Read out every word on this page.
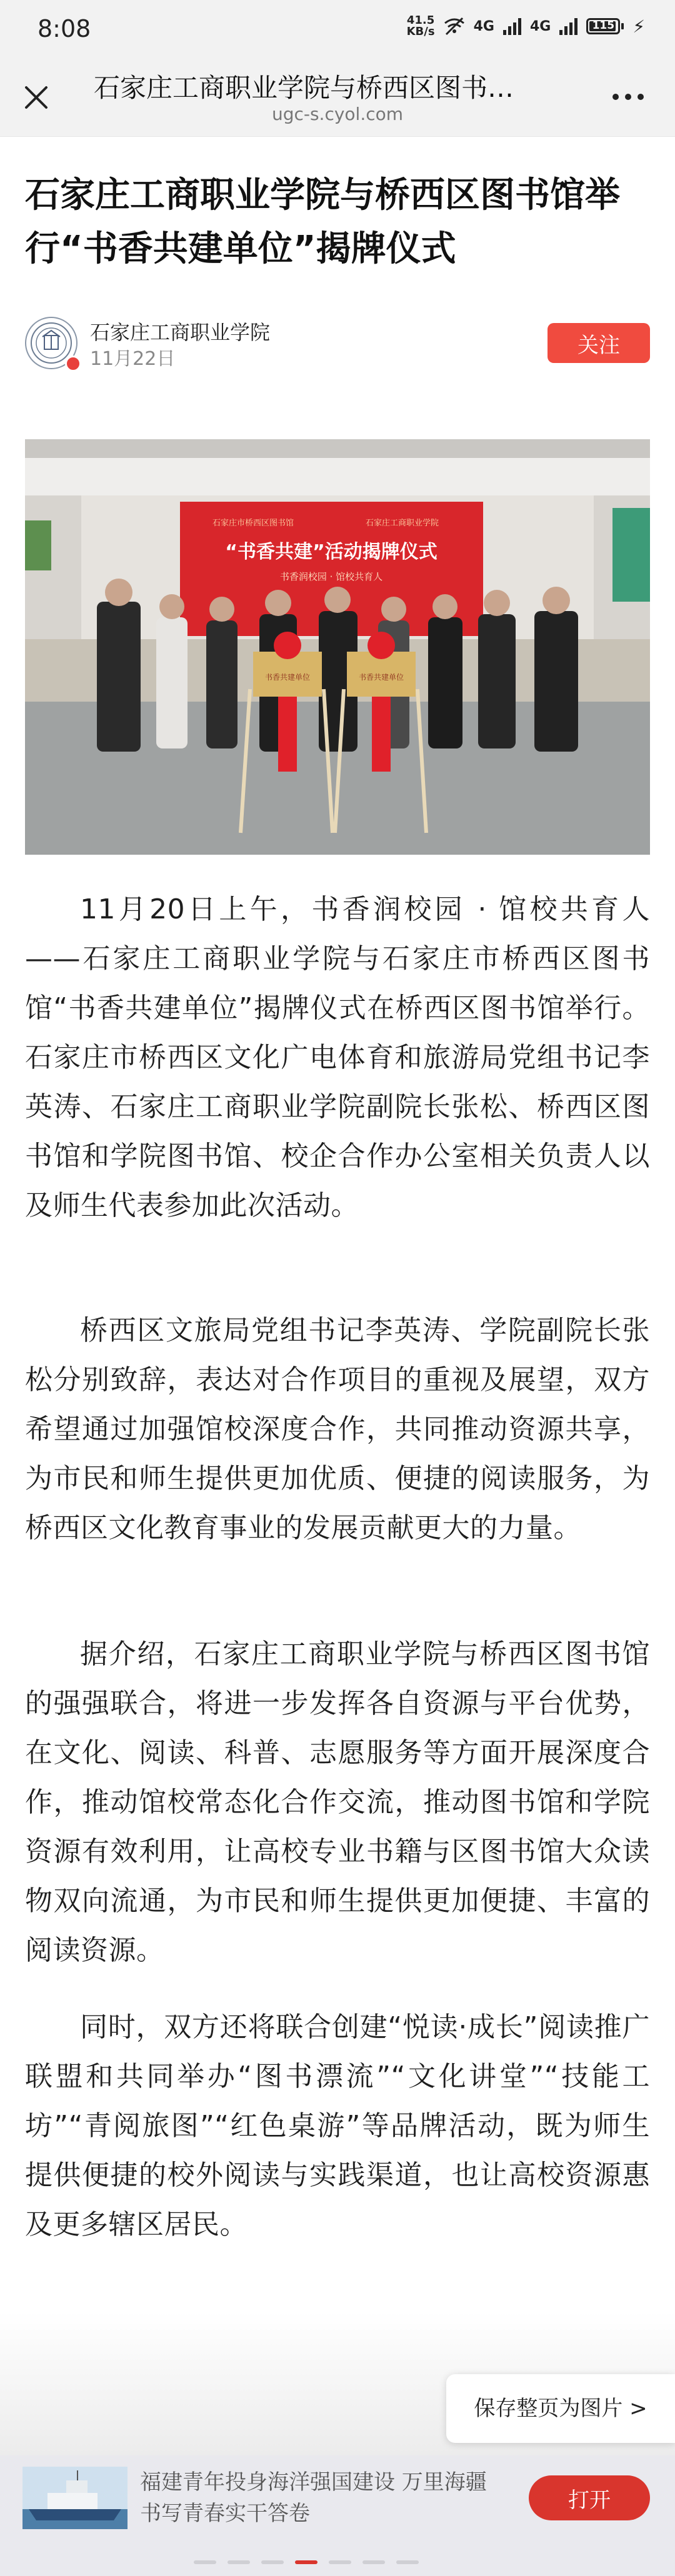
8:08	41.5
KB/s	4G	4G	115 ⚡
石家庄工商职业学院与桥西区图书…
ugc-s.cyol.com
石家庄工商职业学院与桥西区图书馆举行“书香共建单位”揭牌仪式
石家庄工商职业学院
11月22日
关注
石家庄市桥西区图书馆	石家庄工商职业学院
“书香共建”活动揭牌仪式
书香润校园 · 馆校共育人
书香共建单位	书香共建单位

11月20日上午，书香润校园 · 馆校共育人——石家庄工商职业学院与石家庄市桥西区图书馆“书香共建单位”揭牌仪式在桥西区图书馆举行。石家庄市桥西区文化广电体育和旅游局党组书记李英涛、石家庄工商职业学院副院长张松、桥西区图书馆和学院图书馆、校企合作办公室相关负责人以及师生代表参加此次活动。

桥西区文旅局党组书记李英涛、学院副院长张松分别致辞，表达对合作项目的重视及展望，双方希望通过加强馆校深度合作，共同推动资源共享，为市民和师生提供更加优质、便捷的阅读服务，为桥西区文化教育事业的发展贡献更大的力量。

据介绍，石家庄工商职业学院与桥西区图书馆的强强联合，将进一步发挥各自资源与平台优势，在文化、阅读、科普、志愿服务等方面开展深度合作，推动馆校常态化合作交流，推动图书馆和学院资源有效利用，让高校专业书籍与区图书馆大众读物双向流通，为市民和师生提供更加便捷、丰富的阅读资源。

同时，双方还将联合创建“悦读·成长”阅读推广联盟和共同举办“图书漂流”“文化讲堂”“技能工坊”“青阅旅图”“红色桌游”等品牌活动，既为师生提供便捷的校外阅读与实践渠道，也让高校资源惠及更多辖区居民。

保存整页为图片 >
福建青年投身海洋强国建设 万里海疆书写青春实干答卷
打开
